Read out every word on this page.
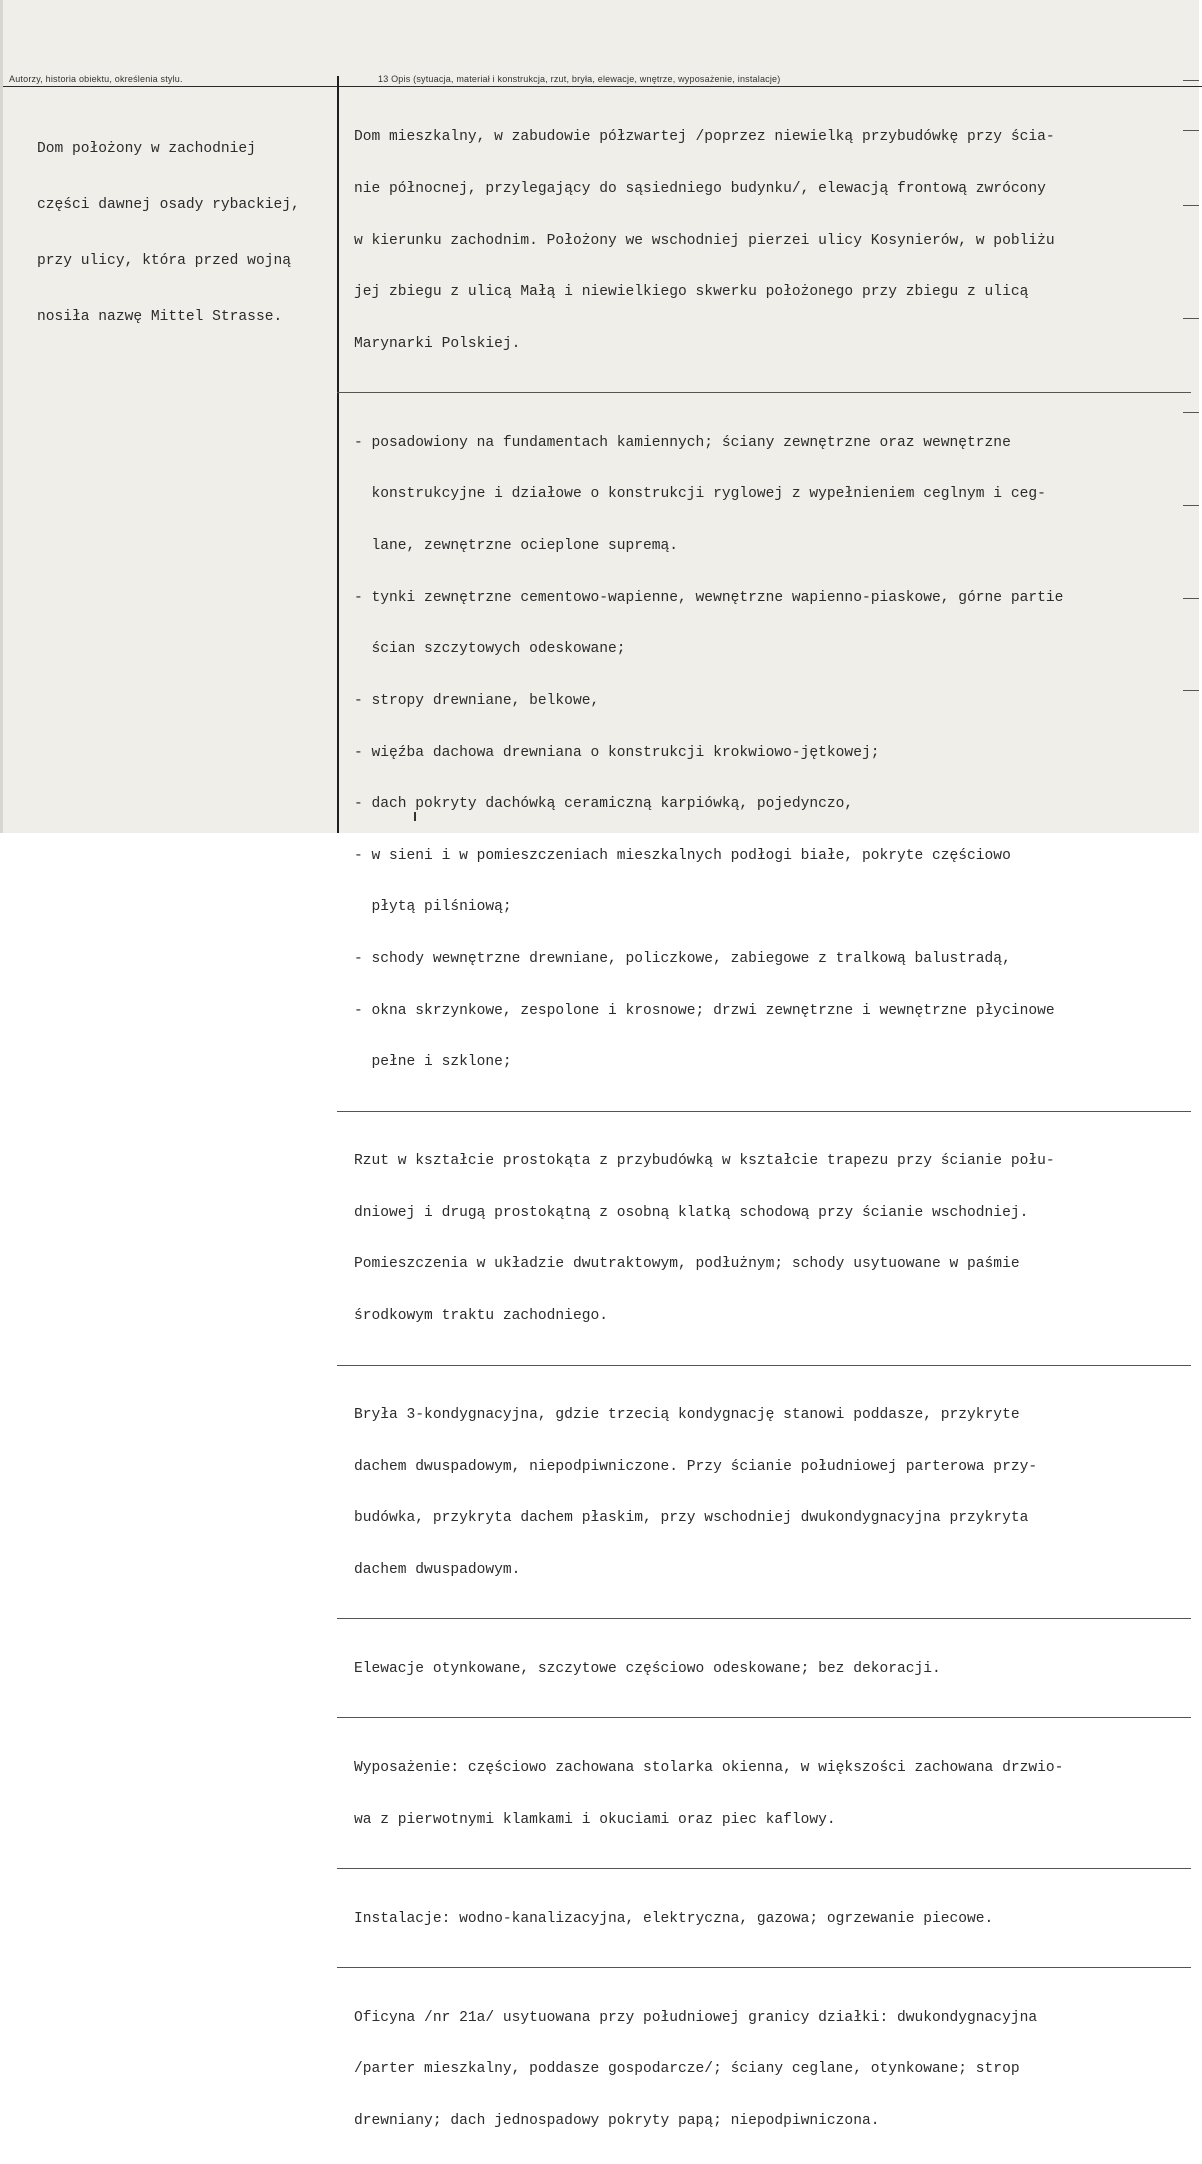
Autorzy, historia obiektu, określenia stylu.	13 Opis (sytuacja, materiał i konstrukcja, rzut, bryła, elewacje, wnętrze, wyposażenie, instalacje)

Dom położony w zachodniej

części dawnej osady rybackiej,

przy ulicy, która przed wojną

nosiła nazwę Mittel Strasse.

Dom mieszkalny, w zabudowie półzwartej /poprzez niewielką przybudówkę przy ścia-

nie północnej, przylegający do sąsiedniego budynku/, elewacją frontową zwrócony

w kierunku zachodnim. Położony we wschodniej pierzei ulicy Kosynierów, w pobliżu

jej zbiegu z ulicą Małą i niewielkiego skwerku położonego przy zbiegu z ulicą

Marynarki Polskiej.

- posadowiony na fundamentach kamiennych; ściany zewnętrzne oraz wewnętrzne

konstrukcyjne i działowe o konstrukcji ryglowej z wypełnieniem ceglnym i ceg-

lane, zewnętrzne ocieplone supremą.

- tynki zewnętrzne cementowo-wapienne, wewnętrzne wapienno-piaskowe, górne partie

ścian szczytowych odeskowane;

- stropy drewniane, belkowe,

- więźba dachowa drewniana o konstrukcji krokwiowo-jętkowej;

- dach pokryty dachówką ceramiczną karpiówką, pojedynczo,

- w sieni i w pomieszczeniach mieszkalnych podłogi białe, pokryte częściowo

płytą pilśniową;

- schody wewnętrzne drewniane, policzkowe, zabiegowe z tralkową balustradą,

- okna skrzynkowe, zespolone i krosnowe; drzwi zewnętrzne i wewnętrzne płycinowe

pełne i szklone;

Rzut w kształcie prostokąta z przybudówką w kształcie trapezu przy ścianie połu-

dniowej i drugą prostokątną z osobną klatką schodową przy ścianie wschodniej.

Pomieszczenia w układzie dwutraktowym, podłużnym; schody usytuowane w paśmie

środkowym traktu zachodniego.

Bryła 3-kondygnacyjna, gdzie trzecią kondygnację stanowi poddasze, przykryte

dachem dwuspadowym, niepodpiwniczone. Przy ścianie południowej parterowa przy-

budówka, przykryta dachem płaskim, przy wschodniej dwukondygnacyjna przykryta

dachem dwuspadowym.

Elewacje otynkowane, szczytowe częściowo odeskowane; bez dekoracji.

Wyposażenie: częściowo zachowana stolarka okienna, w większości zachowana drzwio-

wa z pierwotnymi klamkami i okuciami oraz piec kaflowy.

Instalacje: wodno-kanalizacyjna, elektryczna, gazowa; ogrzewanie piecowe.

Oficyna /nr 21a/ usytuowana przy południowej granicy działki: dwukondygnacyjna

/parter mieszkalny, poddasze gospodarcze/; ściany ceglane, otynkowane; strop

drewniany; dach jednospadowy pokryty papą; niepodpiwniczona.
